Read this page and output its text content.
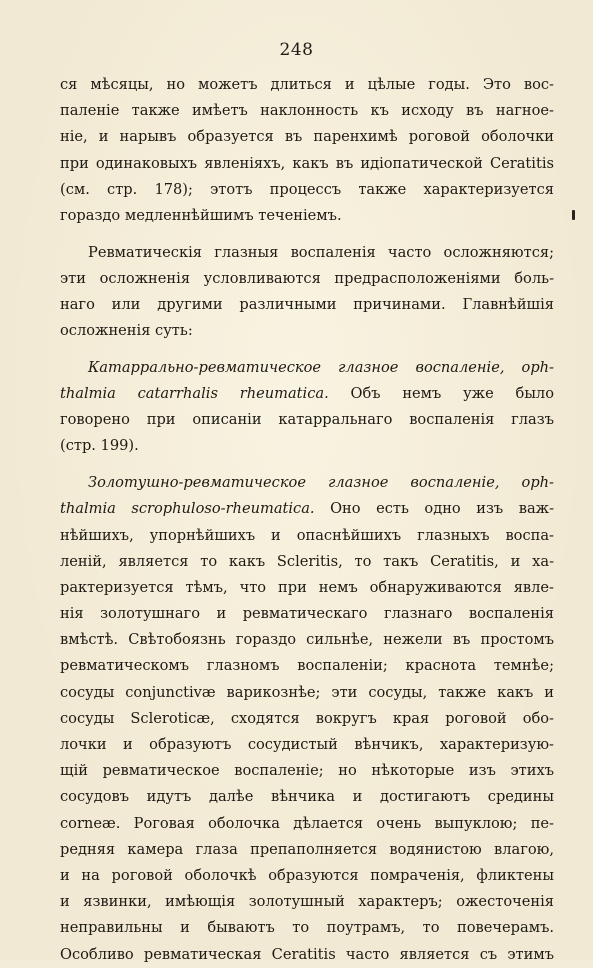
248
ся мѣсяцы, но можетъ длиться и цѣлые годы. Это вос-
паленіе также имѣетъ наклонность къ исходу въ нагное-
ніе, и нарывъ образуется въ паренхимѣ роговой оболочки
при одинаковыхъ явленіяхъ, какъ въ идіопатической Ceratitis
(см. стр. 178); этотъ процессъ также характеризуется
гораздо медленнѣйшимъ теченіемъ.
Ревматическія глазныя воспаленія часто осложняются;
эти осложненія условливаются предрасположеніями боль-
наго или другими различными причинами. Главнѣйшія
осложненія суть:
Катаррально-ревматическое глазное воспаленіе, oph-
thalmia catarrhalis rheumatica. Объ немъ уже было
говорено при описаніи катарральнаго воспаленія глазъ
(стр. 199).
Золотушно-ревматическое глазное воспаленіе, oph-
thalmia scrophuloso-rheumatica. Оно есть одно изъ важ-
нѣйшихъ, упорнѣйшихъ и опаснѣйшихъ глазныхъ воспа-
леній, является то какъ Scleritis, то такъ Ceratitis, и ха-
рактеризуется тѣмъ, что при немъ обнаруживаются явле-
нія золотушнаго и ревматическаго глазнаго воспаленія
вмѣстѣ. Свѣтобоязнь гораздо сильнѣе, нежели въ простомъ
ревматическомъ глазномъ воспаленіи; краснота темнѣе;
сосуды conjunctivæ варикознѣе; эти сосуды, также какъ и
сосуды Scleroticæ, сходятся вокругъ края роговой обо-
лочки и образуютъ сосудистый вѣнчикъ, характеризую-
щій ревматическое воспаленіе; но нѣкоторые изъ этихъ
сосудовъ идутъ далѣе вѣнчика и достигаютъ средины
corneæ. Роговая оболочка дѣлается очень выпуклою; пе-
редняя камера глаза препаполняется водянистою влагою,
и на роговой оболочкѣ образуются помраченія, фликтены
и язвинки, имѣющія золотушный характеръ; ожесточенія
неправильны и бываютъ то поутрамъ, то повечерамъ.
Особливо ревматическая Ceratitis часто является съ этимъ
